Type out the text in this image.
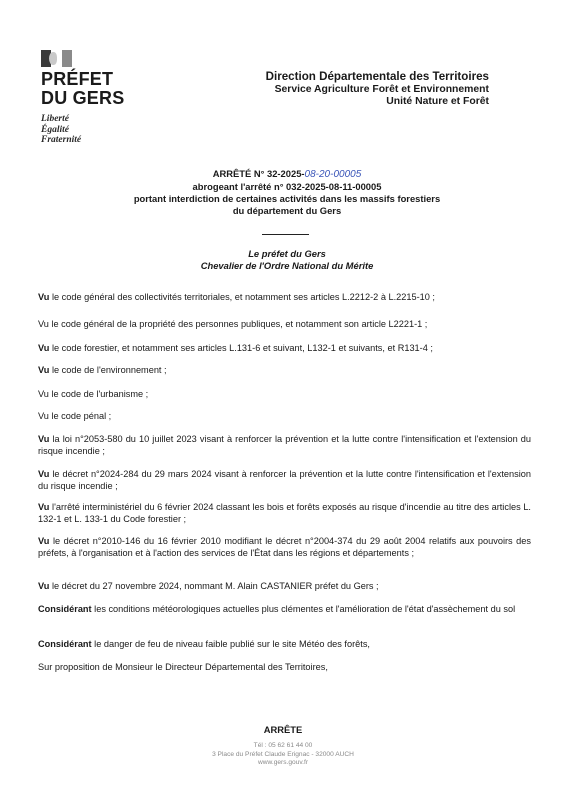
PRÉFET
DU GERS
Liberté
Égalité
Fraternité
Direction Départementale des Territoires
Service Agriculture Forêt et Environnement
Unité Nature et Forêt
ARRÊTÉ N° 32-2025-08-20-00005
abrogeant l'arrêté n° 032-2025-08-11-00005
portant interdiction de certaines activités dans les massifs forestiers
du département du Gers
Le préfet du Gers
Chevalier de l'Ordre National du Mérite
Vu le code général des collectivités territoriales, et notamment ses articles L.2212-2 à L.2215-10 ;
Vu le code général de la propriété des personnes publiques, et notamment son article L2221-1 ;
Vu le code forestier, et notamment ses articles L.131-6 et suivant, L132-1 et suivants, et R131-4 ;
Vu le code de l'environnement ;
Vu le code de l'urbanisme ;
Vu le code pénal ;
Vu la loi n°2053-580 du 10 juillet 2023 visant à renforcer la prévention et la lutte contre l'intensification et l'extension du risque incendie ;
Vu le décret n°2024-284 du 29 mars 2024 visant à renforcer la prévention et la lutte contre l'intensification et l'extension du risque incendie ;
Vu l'arrêté interministériel du 6 février 2024 classant les bois et forêts exposés au risque d'incendie au titre des articles L. 132-1 et L. 133-1 du Code forestier ;
Vu le décret n°2010-146 du 16 février 2010 modifiant le décret n°2004-374 du 29 août 2004 relatifs aux pouvoirs des préfets, à l'organisation et à l'action des services de l'État dans les régions et départements ;
Vu le décret du 27 novembre 2024, nommant M. Alain CASTANIER préfet du Gers ;
Considérant les conditions météorologiques actuelles plus clémentes et l'amélioration de l'état d'assèchement du sol
Considérant le danger de feu de niveau faible publié sur le site Météo des forêts,
Sur proposition de Monsieur le Directeur Départemental des Territoires,
ARRÊTE
Tél : 05 62 61 44 00
3 Place du Préfet Claude Erignac - 32000 AUCH
www.gers.gouv.fr
